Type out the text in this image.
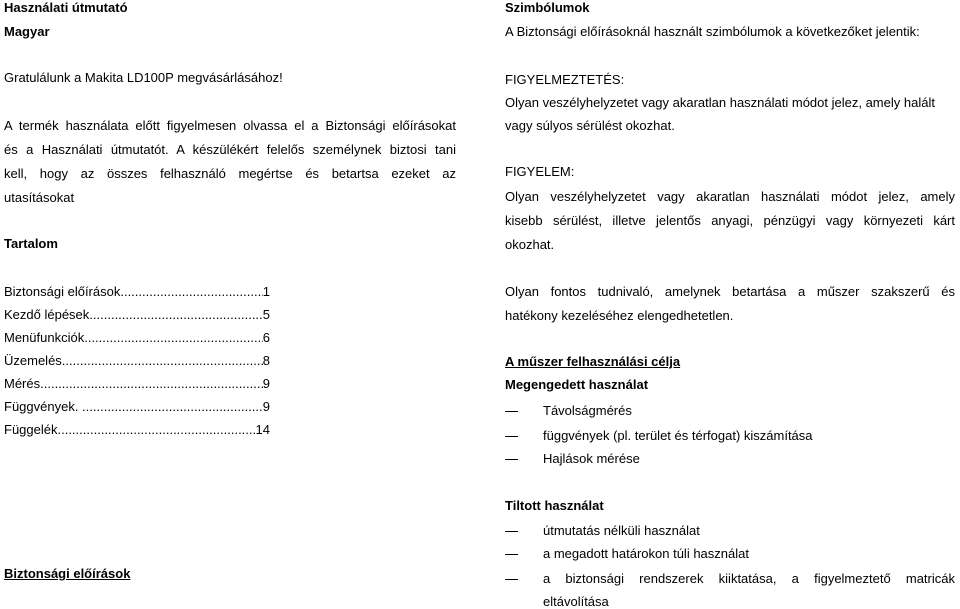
Használati útmutató

Magyar

Gratulálunk a Makita LD100P megvásárlásához!

A termék használata előtt figyelmesen olvassa el a Biztonsági előírásokat
és a Használati útmutatót. A készülékért felelős személynek biztosi tani
kell, hogy az összes felhasználó megértse és betartsa ezeket az
utasításokat

Tartalom

Biztonsági előírások .....	1
Kezdő lépések .....	5
Menüfunkciók. .....	6
Üzemelés.......... .....	8
Mérés .....	9
Függvények. . .....	9
Függelék .....	14

Biztonsági előírások

Szimbólumok

A Biztonsági előírásoknál használt szimbólumok a következőket jelentik:

FIGYELMEZTETÉS:

Olyan veszélyhelyzetet vagy akaratlan használati módot jelez, amely halált
vagy súlyos sérülést okozhat.

FIGYELEM:

Olyan veszélyhelyzetet vagy akaratlan használati módot jelez, amely
kisebb sérülést, illetve jelentős anyagi, pénzügyi vagy környezeti kárt
okozhat.
Olyan fontos tudnivaló, amelynek betartása a műszer szakszerű és
hatékony kezeléséhez elengedhetetlen.

A műszer felhasználási célja

Megengedett használat

Távolságmérés
függvények (pl. terület és térfogat) kiszámítása
Hajlások mérése

Tiltott használat

útmutatás nélküli használat
a megadott határokon túli használat
a biztonsági rendszerek kiiktatása, a figyelmeztető matricák
eltávolítása
